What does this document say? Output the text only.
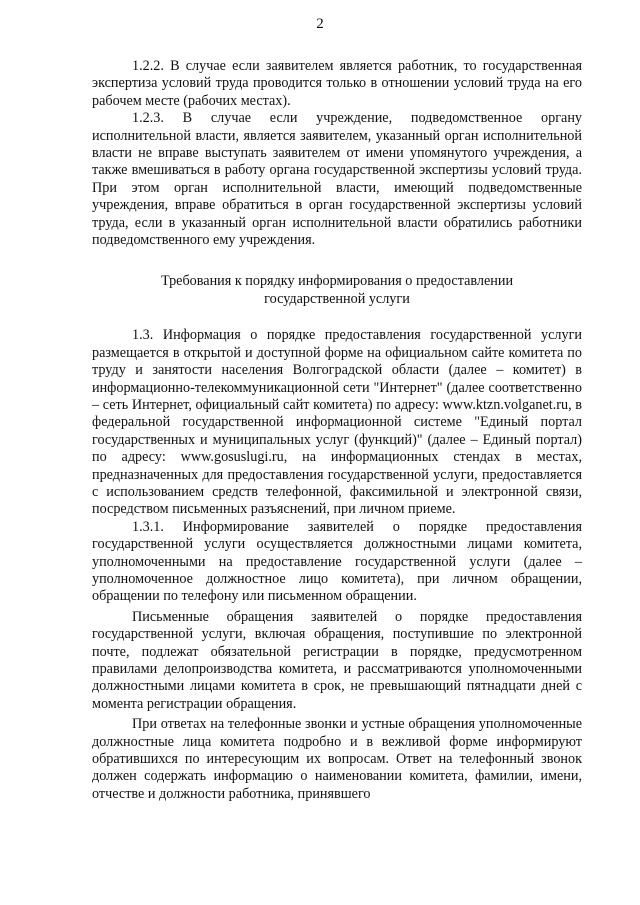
2

1.2.2. В случае если заявителем является работник, то государственная экспертиза условий труда проводится только в отношении условий труда на его рабочем месте (рабочих местах).

1.2.3. В случае если учреждение, подведомственное органу исполнительной власти, является заявителем, указанный орган исполнительной власти не вправе выступать заявителем от имени упомянутого учреждения, а также вмешиваться в работу органа государственной экспертизы условий труда. При этом орган исполнительной власти, имеющий подведомственные учреждения, вправе обратиться в орган государственной экспертизы условий труда, если в указанный орган исполнительной власти обратились работники подведомственного ему учреждения.

Требования к порядку информирования о предоставлении
государственной услуги

1.3. Информация о порядке предоставления государственной услуги размещается в открытой и доступной форме на официальном сайте комитета по труду и занятости населения Волгоградской области (далее – комитет) в информационно-телекоммуникационной сети "Интернет" (далее соответственно – сеть Интернет, официальный сайт комитета) по адресу: www.ktzn.volganet.ru, в федеральной государственной информационной системе "Единый портал государственных и муниципальных услуг (функций)" (далее – Единый портал) по адресу: www.gosuslugi.ru, на информационных стендах в местах, предназначенных для предоставления государственной услуги, предоставляется с использованием средств телефонной, факсимильной и электронной связи, посредством письменных разъяснений, при личном приеме.

1.3.1. Информирование заявителей о порядке предоставления государственной услуги осуществляется должностными лицами комитета, уполномоченными на предоставление государственной услуги (далее – уполномоченное должностное лицо комитета), при личном обращении, обращении по телефону или письменном обращении.

Письменные обращения заявителей о порядке предоставления государственной услуги, включая обращения, поступившие по электронной почте, подлежат обязательной регистрации в порядке, предусмотренном правилами делопроизводства комитета, и рассматриваются уполномоченными должностными лицами комитета в срок, не превышающий пятнадцати дней с момента регистрации обращения.

При ответах на телефонные звонки и устные обращения уполномоченные должностные лица комитета подробно и в вежливой форме информируют обратившихся по интересующим их вопросам. Ответ на телефонный звонок должен содержать информацию о наименовании комитета, фамилии, имени, отчестве и должности работника, принявшего
